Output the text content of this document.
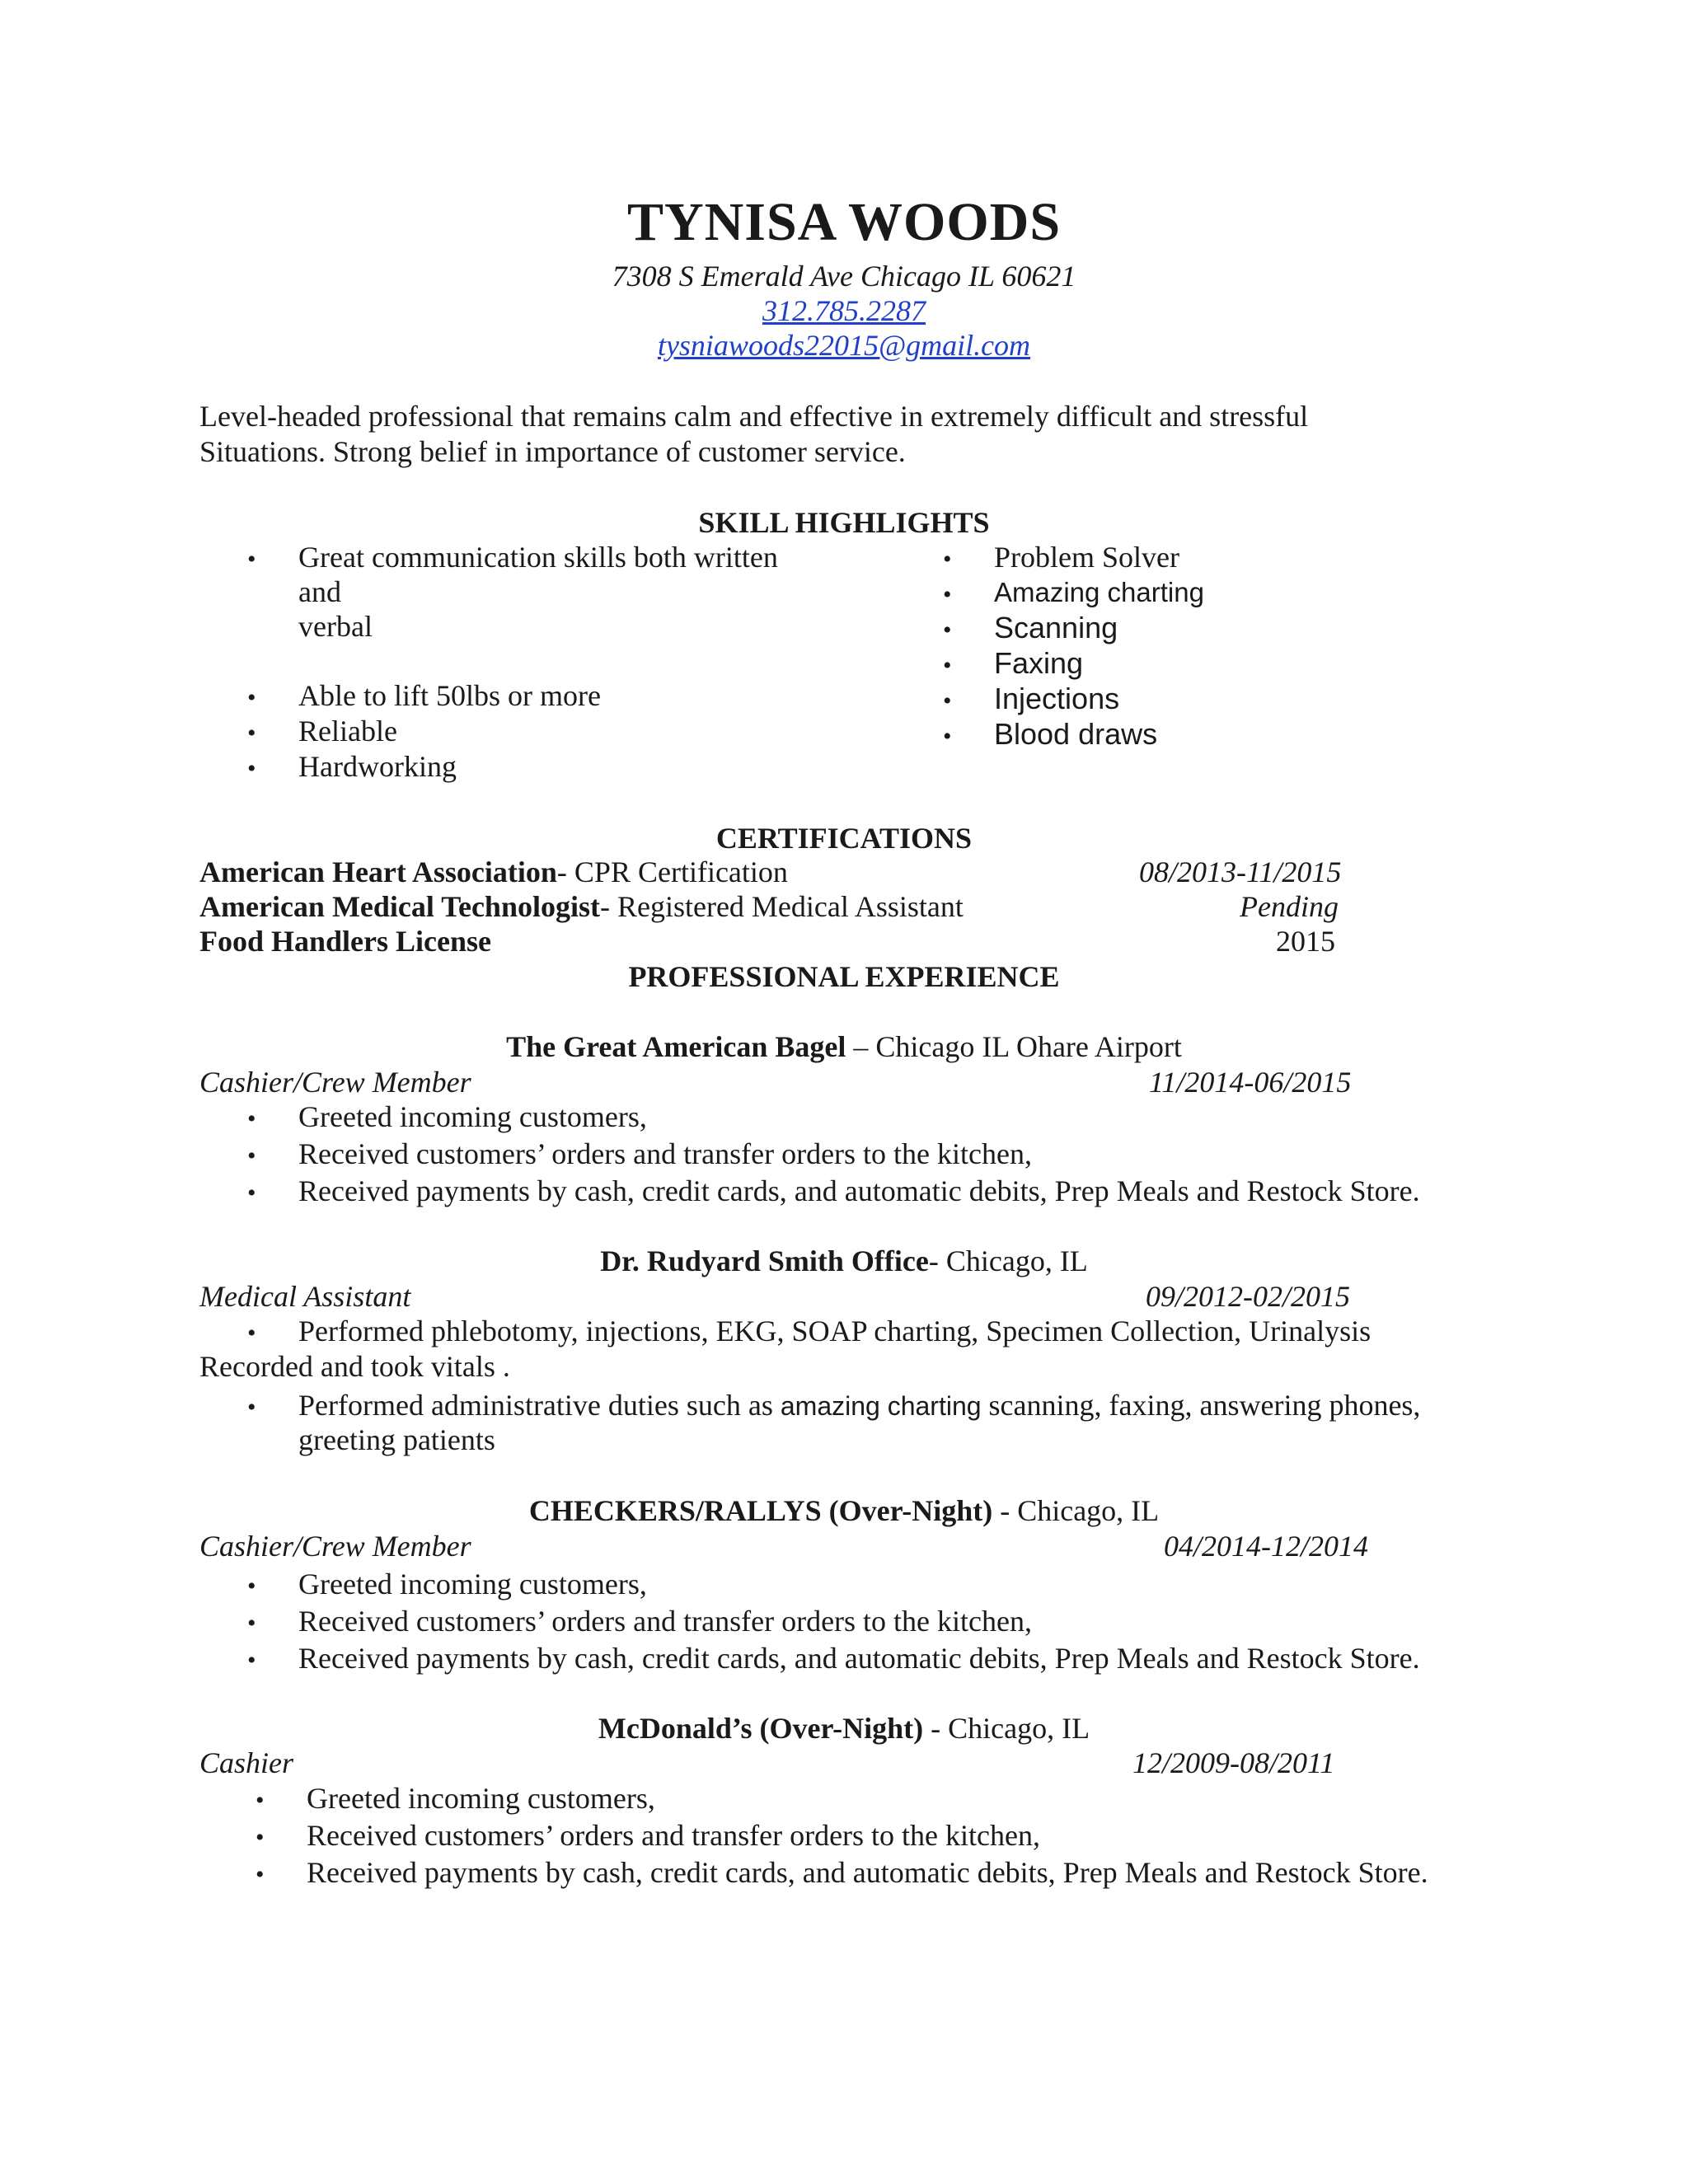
TYNISA WOODS
7308 S Emerald Ave Chicago IL 60621
312.785.2287
tysniawoods22015@gmail.com
Level-headed professional that remains calm and effective in extremely difficult and stressful
Situations. Strong belief in importance of customer service.
SKILL HIGHLIGHTS
• Great communication skills both written
and
verbal
• Able to lift 50lbs or more
• Reliable
• Hardworking
• Problem Solver
• Amazing charting
• Scanning
• Faxing
• Injections
• Blood draws
CERTIFICATIONS
American Heart Association- CPR Certification	08/2013-11/2015
American Medical Technologist- Registered Medical Assistant	Pending
Food Handlers License	2015
PROFESSIONAL EXPERIENCE
The Great American Bagel – Chicago IL Ohare Airport
Cashier/Crew Member	11/2014-06/2015
• Greeted incoming customers,
• Received customers’ orders and transfer orders to the kitchen,
• Received payments by cash, credit cards, and automatic debits, Prep Meals and Restock Store.
Dr. Rudyard Smith Office- Chicago, IL
Medical Assistant	09/2012-02/2015
• Performed phlebotomy, injections, EKG, SOAP charting, Specimen Collection, Urinalysis
Recorded and took vitals .
• Performed administrative duties such as amazing charting scanning, faxing, answering phones,
greeting patients
CHECKERS/RALLYS (Over-Night) - Chicago, IL
Cashier/Crew Member	04/2014-12/2014
• Greeted incoming customers,
• Received customers’ orders and transfer orders to the kitchen,
• Received payments by cash, credit cards, and automatic debits, Prep Meals and Restock Store.
McDonald’s (Over-Night) - Chicago, IL
Cashier	12/2009-08/2011
• Greeted incoming customers,
• Received customers’ orders and transfer orders to the kitchen,
• Received payments by cash, credit cards, and automatic debits, Prep Meals and Restock Store.
